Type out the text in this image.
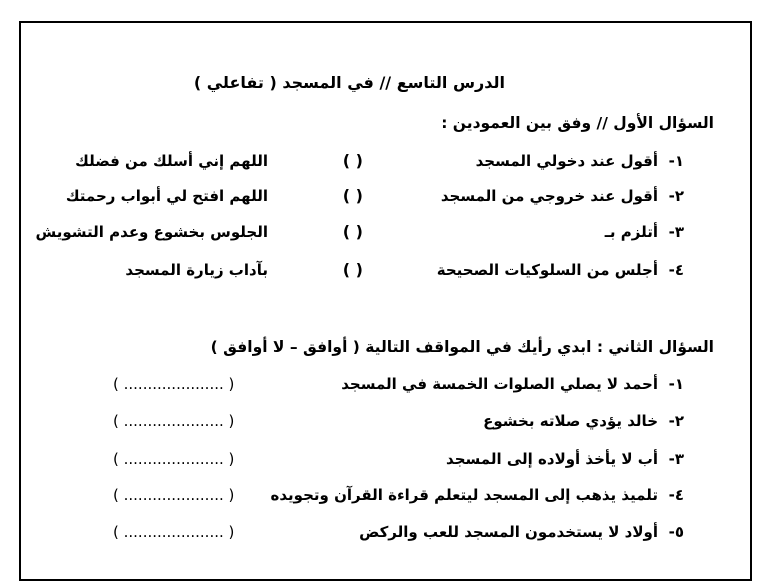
الدرس التاسع // في المسجد ( تفاعلي )
السؤال الأول // وفق بين العمودين :
١-
أقول عند دخولي المسجد
( )
اللهم إني أسلك من فضلك
٢-
أقول عند خروجي من المسجد
( )
اللهم افتح لي أبواب رحمتك
٣-
أتلزم بـ
( )
الجلوس بخشوع وعدم التشويش
٤-
أجلس من السلوكيات الصحيحة
( )
بآداب زيارة المسجد
السؤال الثاني : ابدي رأيك في المواقف التالية ( أوافق – لا أوافق )
١-
أحمد لا يصلي الصلوات الخمسة في المسجد
( ..................... )
٢-
خالد يؤدي صلاته بخشوع
( ..................... )
٣-
أب لا يأخذ أولاده إلى المسجد
( ..................... )
٤-
تلميذ يذهب إلى المسجد ليتعلم قراءة القرآن وتجويده
( ..................... )
٥-
أولاد لا يستخدمون المسجد للعب والركض
( ..................... )
